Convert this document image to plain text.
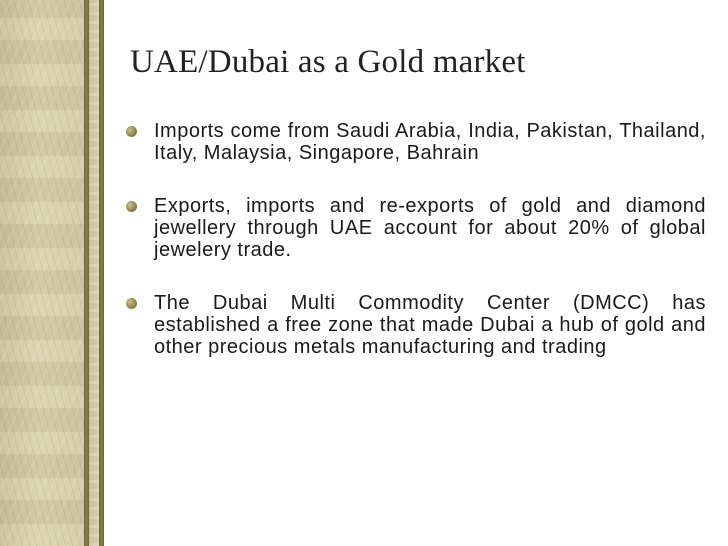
UAE/Dubai as a Gold market
Imports come from Saudi Arabia, India, Pakistan, Thailand, Italy, Malaysia, Singapore, Bahrain
Exports, imports and re-exports of gold and diamond jewellery through UAE account for about 20% of global jewelery trade.
The Dubai Multi Commodity Center (DMCC) has established a free zone that made Dubai a hub of gold and other precious metals manufacturing and trading
